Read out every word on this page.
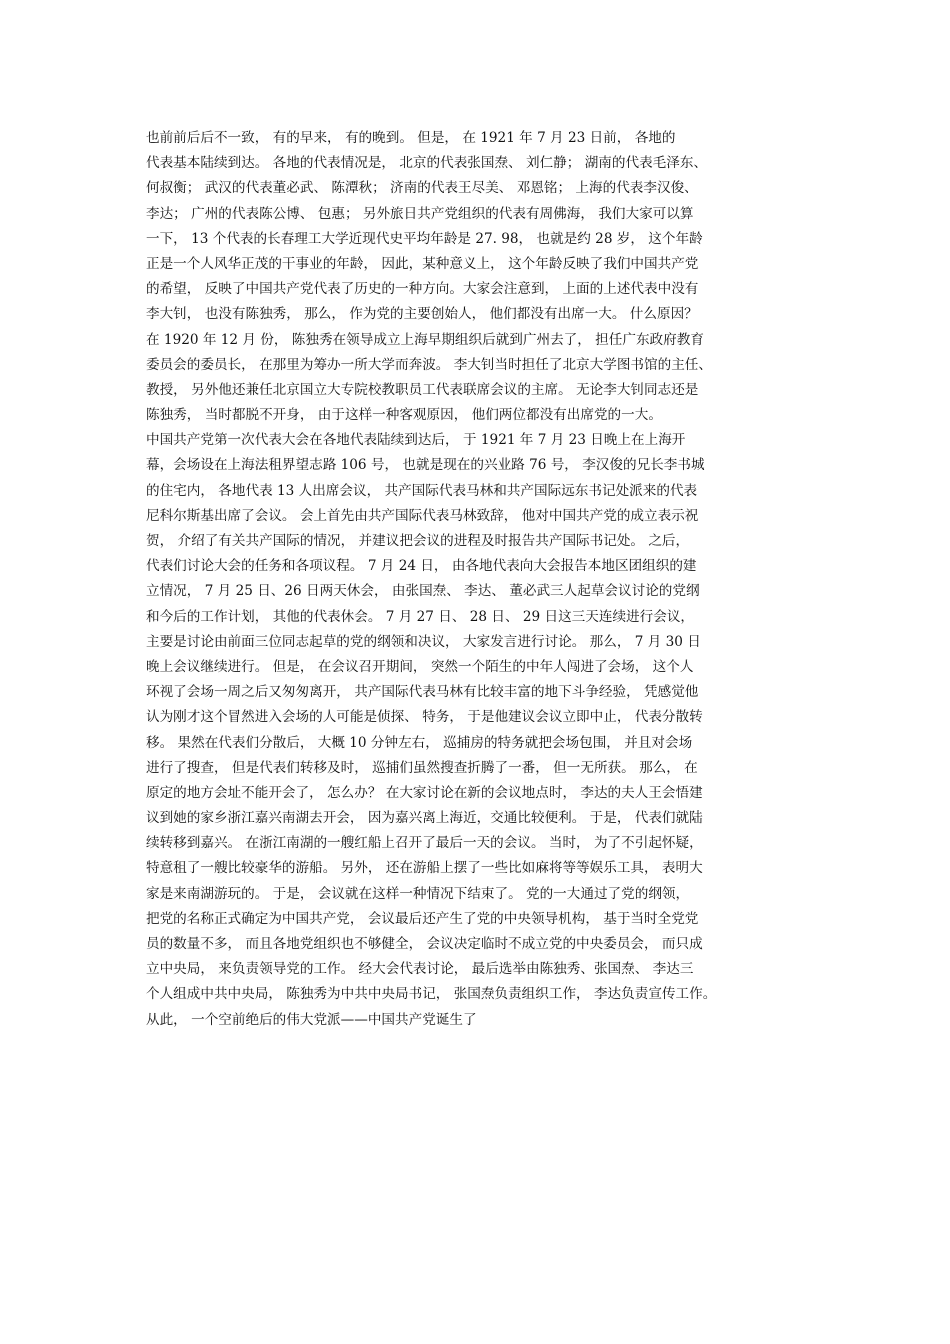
也前前后后不一致， 有的早来， 有的晚到。 但是， 在 1921 年 7 月 23 日前， 各地的
代表基本陆续到达。 各地的代表情况是， 北京的代表张国焘、 刘仁静； 湖南的代表毛泽东、
何叔衡； 武汉的代表董必武、 陈潭秋； 济南的代表王尽美、 邓恩铭； 上海的代表李汉俊、
李达； 广州的代表陈公博、 包惠； 另外旅日共产党组织的代表有周佛海， 我们大家可以算
一下， 13 个代表的长春理工大学近现代史平均年龄是 27. 98， 也就是约 28 岁， 这个年龄
正是一个人风华正茂的干事业的年龄， 因此，某种意义上， 这个年龄反映了我们中国共产党
的希望， 反映了中国共产党代表了历史的一种方向。大家会注意到， 上面的上述代表中没有
李大钊， 也没有陈独秀， 那么， 作为党的主要创始人， 他们都没有出席一大。 什么原因？
在 1920 年 12 月 份， 陈独秀在领导成立上海早期组织后就到广州去了， 担任广东政府教育
委员会的委员长， 在那里为筹办一所大学而奔波。 李大钊当时担任了北京大学图书馆的主任、
教授， 另外他还兼任北京国立大专院校教职员工代表联席会议的主席。 无论李大钊同志还是
陈独秀， 当时都脱不开身， 由于这样一种客观原因， 他们两位都没有出席党的一大。
中国共产党第一次代表大会在各地代表陆续到达后， 于 1921 年 7 月 23 日晚上在上海开
幕，会场设在上海法租界望志路 106 号， 也就是现在的兴业路 76 号， 李汉俊的兄长李书城
的住宅内， 各地代表 13 人出席会议， 共产国际代表马林和共产国际远东书记处派来的代表
尼科尔斯基出席了会议。 会上首先由共产国际代表马林致辞， 他对中国共产党的成立表示祝
贺， 介绍了有关共产国际的情况， 并建议把会议的进程及时报告共产国际书记处。 之后，
代表们讨论大会的任务和各项议程。 7 月 24 日， 由各地代表向大会报告本地区团组织的建
立情况， 7 月 25 日、26 日两天休会， 由张国焘、 李达、 董必武三人起草会议讨论的党纲
和今后的工作计划， 其他的代表休会。 7 月 27 日、 28 日、 29 日这三天连续进行会议，
主要是讨论由前面三位同志起草的党的纲领和决议， 大家发言进行讨论。 那么， 7 月 30 日
晚上会议继续进行。 但是， 在会议召开期间， 突然一个陌生的中年人闯进了会场， 这个人
环视了会场一周之后又匆匆离开， 共产国际代表马林有比较丰富的地下斗争经验， 凭感觉他
认为刚才这个冒然进入会场的人可能是侦探、 特务， 于是他建议会议立即中止， 代表分散转
移。 果然在代表们分散后， 大概 10 分钟左右， 巡捕房的特务就把会场包围， 并且对会场
进行了搜查， 但是代表们转移及时， 巡捕们虽然搜查折腾了一番， 但一无所获。 那么， 在
原定的地方会址不能开会了， 怎么办？ 在大家讨论在新的会议地点时， 李达的夫人王会悟建
议到她的家乡浙江嘉兴南湖去开会， 因为嘉兴离上海近，交通比较便利。 于是， 代表们就陆
续转移到嘉兴。 在浙江南湖的一艘红船上召开了最后一天的会议。 当时， 为了不引起怀疑，
特意租了一艘比较豪华的游船。 另外， 还在游船上摆了一些比如麻将等等娱乐工具， 表明大
家是来南湖游玩的。 于是， 会议就在这样一种情况下结束了。 党的一大通过了党的纲领，
把党的名称正式确定为中国共产党， 会议最后还产生了党的中央领导机构， 基于当时全党党
员的数量不多， 而且各地党组织也不够健全， 会议决定临时不成立党的中央委员会， 而只成
立中央局， 来负责领导党的工作。 经大会代表讨论， 最后选举由陈独秀、张国焘、 李达三
个人组成中共中央局， 陈独秀为中共中央局书记， 张国焘负责组织工作， 李达负责宣传工作。
从此， 一个空前绝后的伟大党派——中国共产党诞生了
